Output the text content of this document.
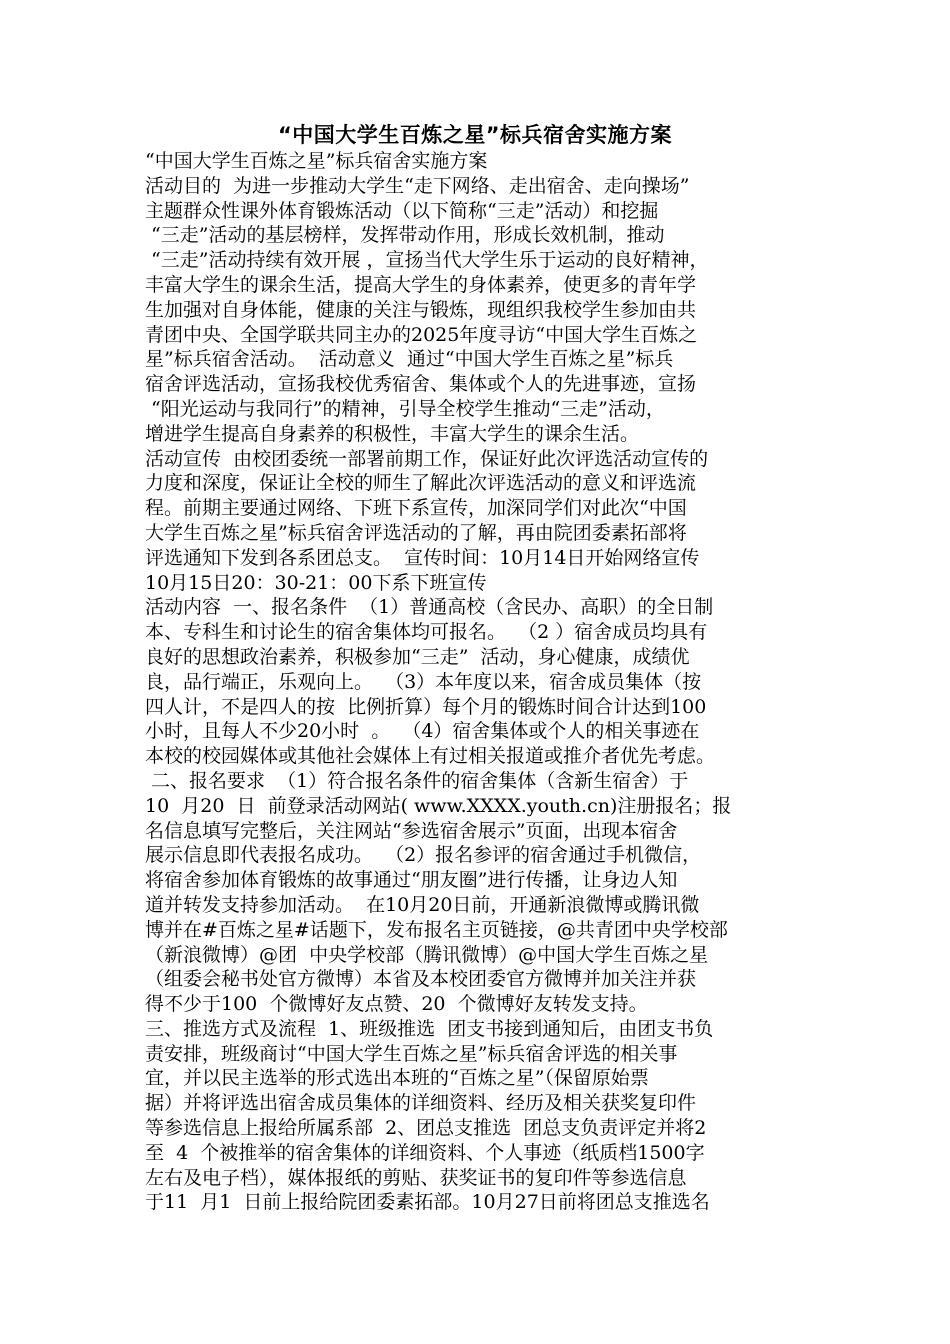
“中国大学生百炼之星”标兵宿舍实施方案
“中国大学生百炼之星”标兵宿舍实施方案
活动目的  为进一步推动大学生“走下网络、走出宿舍、走向操场”
主题群众性课外体育锻炼活动（以下简称“三走”活动）和挖掘
“三走”活动的基层榜样，发挥带动作用，形成长效机制，推动
“三走”活动持续有效开展 ，宣扬当代大学生乐于运动的良好精神，
丰富大学生的课余生活，提高大学生的身体素养，使更多的青年学
生加强对自身体能，健康的关注与锻炼，现组织我校学生参加由共
青团中央、全国学联共同主办的2025年度寻访“中国大学生百炼之
星”标兵宿舍活动。  活动意义  通过“中国大学生百炼之星”标兵
宿舍评选活动，宣扬我校优秀宿舍、集体或个人的先进事迹，宣扬
“阳光运动与我同行”的精神，引导全校学生推动“三走”活动，
增进学生提高自身素养的积极性，丰富大学生的课余生活。
活动宣传  由校团委统一部署前期工作，保证好此次评选活动宣传的
力度和深度，保证让全校的师生了解此次评选活动的意义和评选流
程。前期主要通过网络、下班下系宣传，加深同学们对此次“中国
大学生百炼之星”标兵宿舍评选活动的了解，再由院团委素拓部将
评选通知下发到各系团总支。  宣传时间：10月14日开始网络宣传
10月15日20：30-21：00下系下班宣传
活动内容  一、报名条件  （1）普通高校（含民办、高职）的全日制
本、专科生和讨论生的宿舍集体均可报名。  （2 ）宿舍成员均具有
良好的思想政治素养，积极参加“三走”  活动，身心健康，成绩优
良，品行端正，乐观向上。  （3）本年度以来，宿舍成员集体（按
四人计，不是四人的按  比例折算）每个月的锻炼时间合计达到100
小时，且每人不少20小时  。  （4）宿舍集体或个人的相关事迹在
本校的校园媒体或其他社会媒体上有过相关报道或推介者优先考虑。
二、报名要求  （1）符合报名条件的宿舍集体（含新生宿舍）于
10  月20  日  前登录活动网站( www.XXXX.youth.cn)注册报名；报
名信息填写完整后，关注网站“参选宿舍展示”页面，出现本宿舍
展示信息即代表报名成功。  （2）报名参评的宿舍通过手机微信，
将宿舍参加体育锻炼的故事通过“朋友圈”进行传播，让身边人知
道并转发支持参加活动。  在10月20日前，开通新浪微博或腾讯微
博并在#百炼之星#话题下，发布报名主页链接，@共青团中央学校部
（新浪微博）@团  中央学校部（腾讯微博）@中国大学生百炼之星
（组委会秘书处官方微博）本省及本校团委官方微博并加关注并获
得不少于100  个微博好友点赞、20  个微博好友转发支持。
三、推选方式及流程  1、班级推选  团支书接到通知后，由团支书负
责安排，班级商讨“中国大学生百炼之星”标兵宿舍评选的相关事
宜，并以民主选举的形式选出本班的“百炼之星”（保留原始票
据）并将评选出宿舍成员集体的详细资料、经历及相关获奖复印件
等参选信息上报给所属系部  2、团总支推选  团总支负责评定并将2
至  4  个被推举的宿舍集体的详细资料、个人事迹（纸质档1500字
左右及电子档），媒体报纸的剪贴、获奖证书的复印件等参选信息
于11  月1  日前上报给院团委素拓部。10月27日前将团总支推选名
